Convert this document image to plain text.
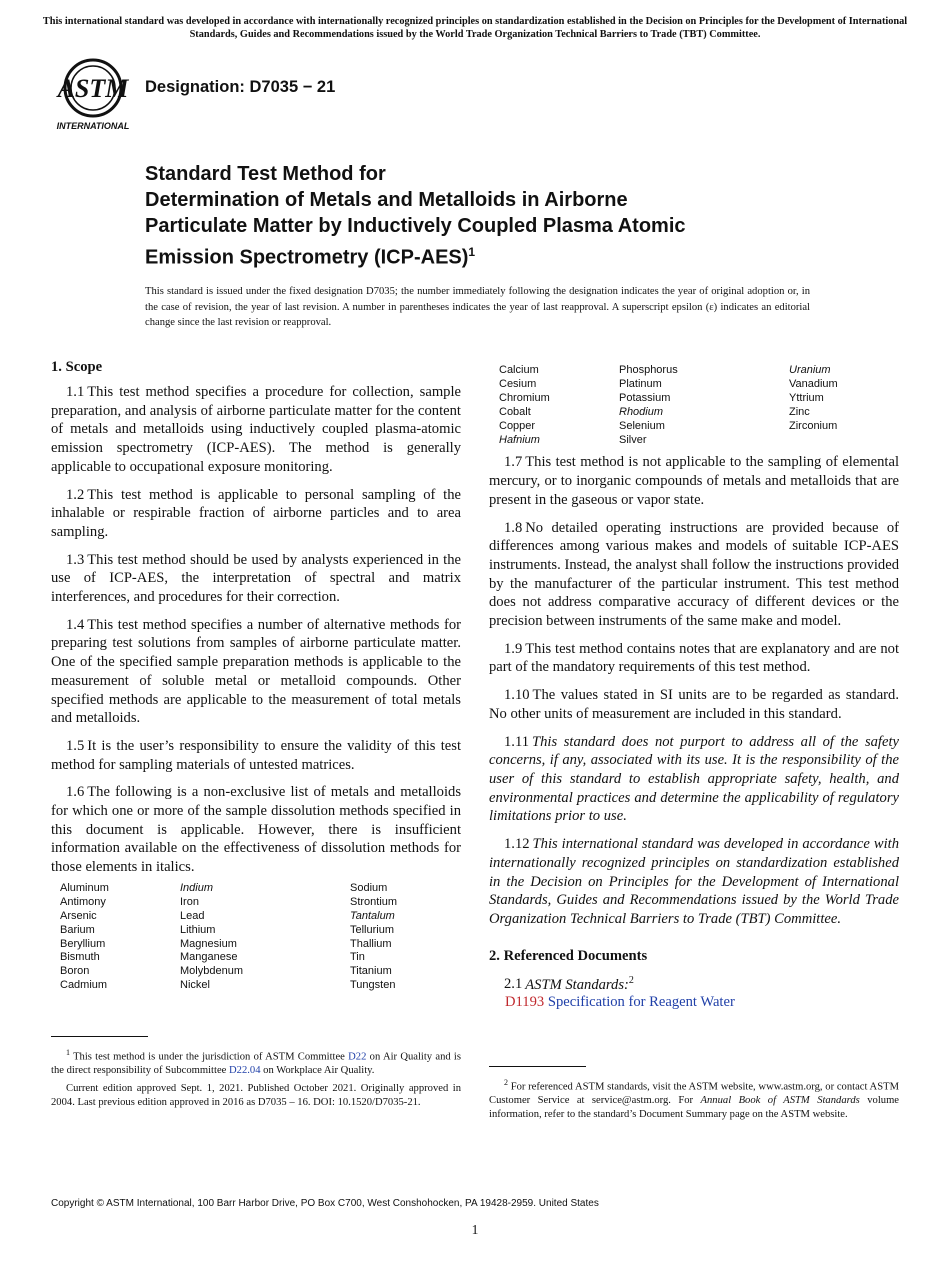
This international standard was developed in accordance with internationally recognized principles on standardization established in the Decision on Principles for the Development of International Standards, Guides and Recommendations issued by the World Trade Organization Technical Barriers to Trade (TBT) Committee.
ASTM
INTERNATIONAL
Designation: D7035 − 21
Standard Test Method for
Determination of Metals and Metalloids in Airborne
Particulate Matter by Inductively Coupled Plasma Atomic
Emission Spectrometry $(ICP-AES)^1$
This standard is issued under the fixed designation D7035; the number immediately following the designation indicates the year of original adoption or, in the case of revision, the year of last revision. A number in parentheses indicates the year of last reapproval. A superscript epsilon (ε) indicates an editorial change since the last revision or reapproval.
1. Scope

1.1 This test method specifies a procedure for collection, sample preparation, and analysis of airborne particulate matter for the content of metals and metalloids using inductively coupled plasma-atomic emission spectrometry (ICP-AES). The method is generally applicable to occupational exposure monitoring.

1.2 This test method is applicable to personal sampling of the inhalable or respirable fraction of airborne particles and to area sampling.

1.3 This test method should be used by analysts experienced in the use of ICP-AES, the interpretation of spectral and matrix interferences, and procedures for their correction.

1.4 This test method specifies a number of alternative methods for preparing test solutions from samples of airborne particulate matter. One of the specified sample preparation methods is applicable to the measurement of soluble metal or metalloid compounds. Other specified methods are applicable to the measurement of total metals and metalloids.

1.5 It is the user’s responsibility to ensure the validity of this test method for sampling materials of untested matrices.

1.6 The following is a non-exclusive list of metals and metalloids for which one or more of the sample dissolution methods specified in this document is applicable. However, there is insufficient information available on the effectiveness of dissolution methods for those elements in italics.

Aluminum
Antimony
Arsenic
Barium
Beryllium
Bismuth
Boron
Cadmium
Indium
Iron
Lead
Lithium
Magnesium
Manganese
Molybdenum
Nickel
Sodium
Strontium
Tantalum
Tellurium
Thallium
Tin
Titanium
Tungsten
Calcium
Cesium
Chromium
Cobalt
Copper
Hafnium
Phosphorus
Platinum
Potassium
Rhodium
Selenium
Silver
Uranium
Vanadium
Yttrium
Zinc
Zirconium

1.7 This test method is not applicable to the sampling of elemental mercury, or to inorganic compounds of metals and metalloids that are present in the gaseous or vapor state.

1.8 No detailed operating instructions are provided because of differences among various makes and models of suitable ICP-AES instruments. Instead, the analyst shall follow the instructions provided by the manufacturer of the particular instrument. This test method does not address comparative accuracy of different devices or the precision between instruments of the same make and model.

1.9 This test method contains notes that are explanatory and are not part of the mandatory requirements of this test method.

1.10 The values stated in SI units are to be regarded as standard. No other units of measurement are included in this standard.

1.11 This standard does not purport to address all of the safety concerns, if any, associated with its use. It is the responsibility of the user of this standard to establish appropriate safety, health, and environmental practices and determine the applicability of regulatory limitations prior to use.

1.12 This international standard was developed in accordance with internationally recognized principles on standardization established in the Decision on Principles for the Development of International Standards, Guides and Recommendations issued by the World Trade Organization Technical Barriers to Trade (TBT) Committee.

2. Referenced Documents
2.1 ASTM Standards:$^2$
D1193 Specification for Reagent Water

$^1$ This test method is under the jurisdiction of ASTM Committee D22 on Air Quality and is the direct responsibility of Subcommittee D22.04 on Workplace Air Quality.

Current edition approved Sept. 1, 2021. Published October 2021. Originally approved in 2004. Last previous edition approved in 2016 as D7035 – 16. DOI: 10.1520/D7035-21.

$^2$ For referenced ASTM standards, visit the ASTM website, www.astm.org, or contact ASTM Customer Service at service@astm.org. For Annual Book of ASTM Standards volume information, refer to the standard’s Document Summary page on the ASTM website.

Copyright © ASTM International, 100 Barr Harbor Drive, PO Box C700, West Conshohocken, PA 19428-2959. United States
1
